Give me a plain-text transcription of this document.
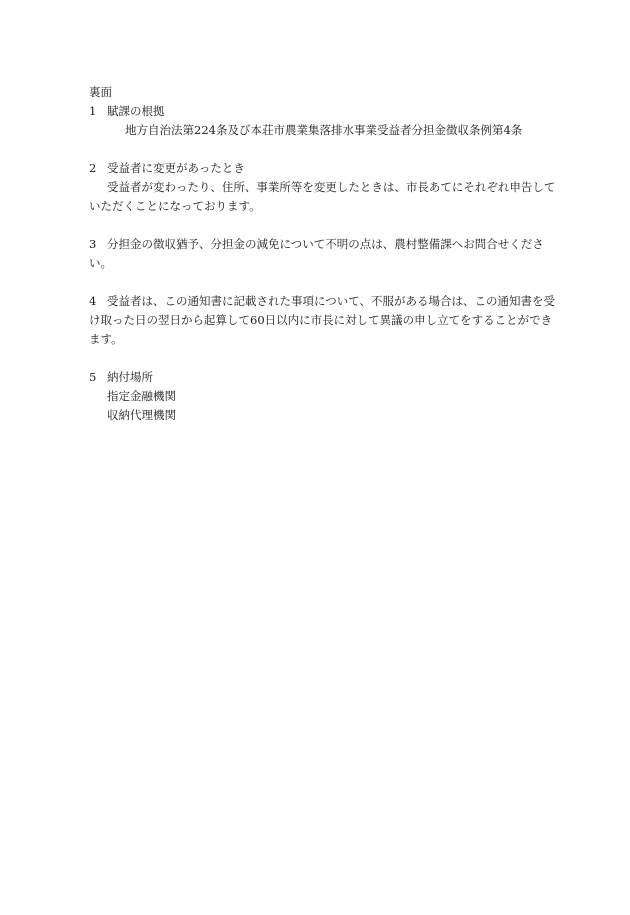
裏面
1 賦課の根拠
地方自治法第224条及び本荘市農業集落排水事業受益者分担金徴収条例第4条
2 受益者に変更があったとき
受益者が変わったり、住所、事業所等を変更したときは、市長あてにそれぞれ申告していただくことになっております。
3 分担金の徴収猶予、分担金の減免について不明の点は、農村整備課へお問合せください。
4 受益者は、この通知書に記載された事項について、不服がある場合は、この通知書を受け取った日の翌日から起算して60日以内に市長に対して異議の申し立てをすることができます。
5 納付場所
指定金融機関
収納代理機関
